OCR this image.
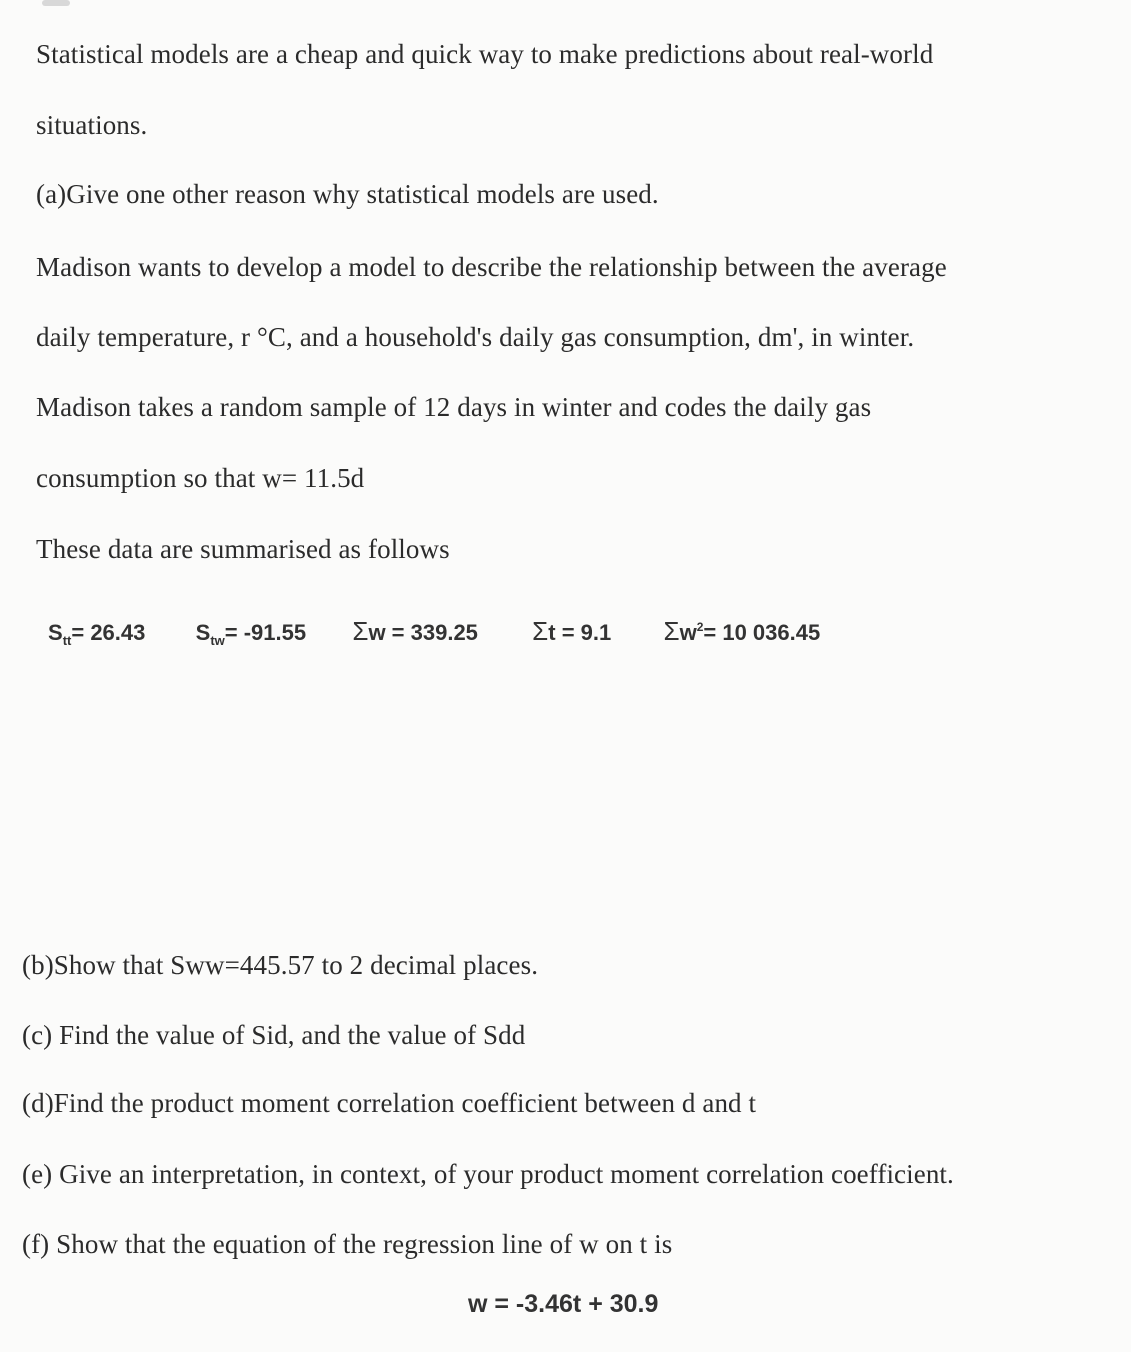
Statistical models are a cheap and quick way to make predictions about real-world
situations.
(a)Give one other reason why statistical models are used.
Madison wants to develop a model to describe the relationship between the average
daily temperature, r °C, and a household's daily gas consumption, dm', in winter.
Madison takes a random sample of 12 days in winter and codes the daily gas
consumption so that w= 11.5d
These data are summarised as follows
Stt= 26.43 Stw= -91.55 Σw = 339.25 Σt = 9.1 Σw2= 10 036.45
(b)Show that Sww=445.57 to 2 decimal places.
(c) Find the value of Sid, and the value of Sdd
(d)Find the product moment correlation coefficient between d and t
(e) Give an interpretation, in context, of your product moment correlation coefficient.
(f) Show that the equation of the regression line of w on t is
w = -3.46t + 30.9
